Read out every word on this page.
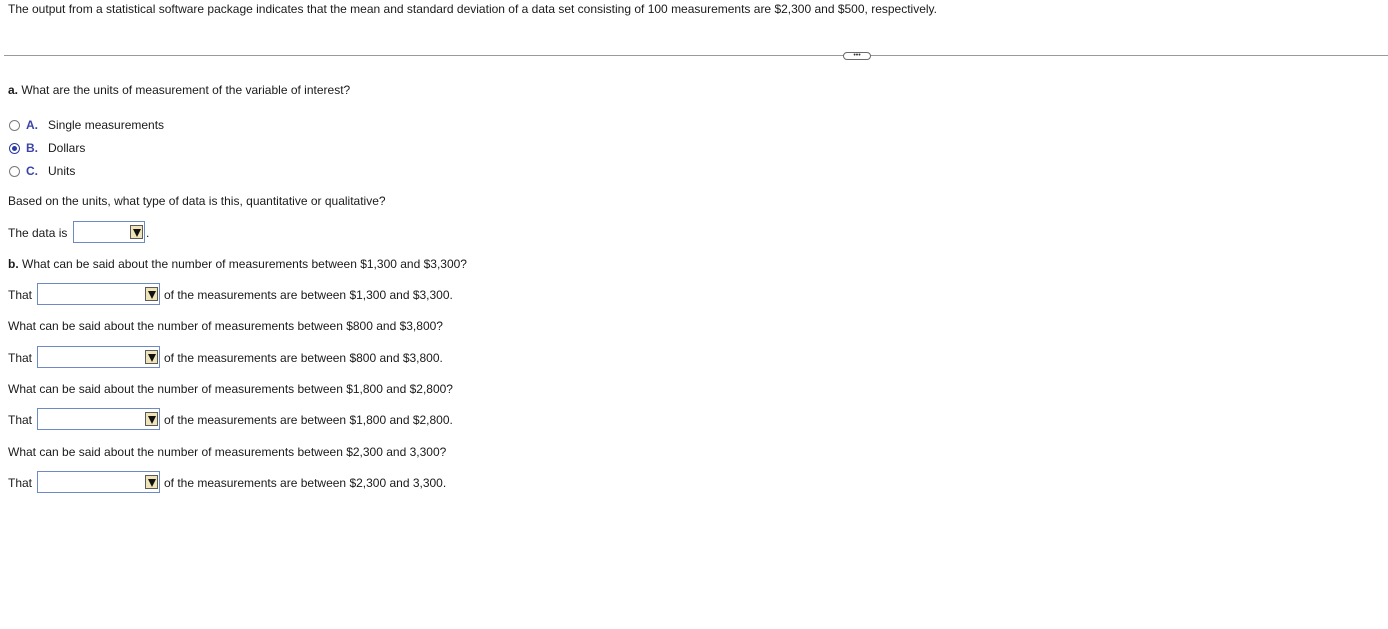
The output from a statistical software package indicates that the mean and standard deviation of a data set consisting of 100 measurements are $2,300 and $500, respectively.
•••
a. What are the units of measurement of the variable of interest?
A. Single measurements
B. Dollars
C. Units
Based on the units, what type of data is this, quantitative or qualitative?
The data is	.
b. What can be said about the number of measurements between $1,300 and $3,300?
That	of the measurements are between $1,300 and $3,300.
What can be said about the number of measurements between $800 and $3,800?
That	of the measurements are between $800 and $3,800.
What can be said about the number of measurements between $1,800 and $2,800?
That	of the measurements are between $1,800 and $2,800.
What can be said about the number of measurements between $2,300 and 3,300?
That	of the measurements are between $2,300 and 3,300.
